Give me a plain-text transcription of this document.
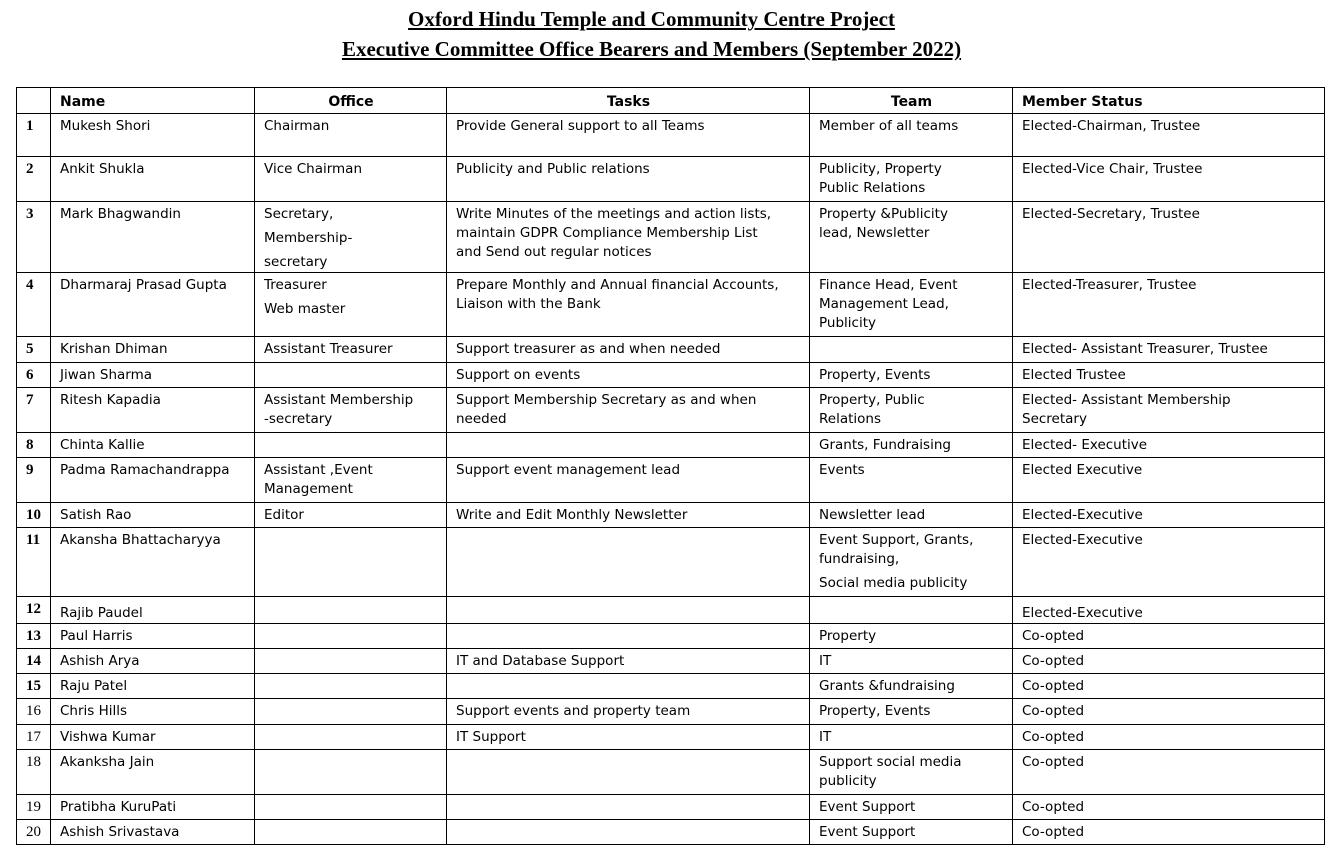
Oxford Hindu Temple and Community Centre Project
Executive Committee Office Bearers and Members (September 2022)
	Name	Office	Tasks	Team	Member Status
1	Mukesh Shori	Chairman	Provide General support to all Teams	Member of all teams	Elected-Chairman, Trustee

2	Ankit Shukla	Vice Chairman	Publicity and Public relations	Publicity, Property
Public Relations	Elected-Vice Chair, Trustee

3	Mark Bhagwandin	Secretary,
Membership-
secretary	Write Minutes of the meetings and action lists,
maintain GDPR Compliance Membership List
and Send out regular notices	Property &Publicity
lead, Newsletter	Elected-Secretary, Trustee

4	Dharmaraj Prasad Gupta	Treasurer
Web master	Prepare Monthly and Annual financial Accounts,
Liaison with the Bank	Finance Head, Event
Management Lead,
Publicity	Elected-Treasurer, Trustee

5	Krishan Dhiman	Assistant Treasurer	Support treasurer as and when needed		Elected- Assistant Treasurer, Trustee

6	Jiwan Sharma		Support on events	Property, Events	Elected Trustee

7	Ritesh Kapadia	Assistant Membership
-secretary	Support Membership Secretary as and when
needed	Property, Public
Relations	Elected- Assistant Membership
Secretary

8	Chinta Kallie			Grants, Fundraising	Elected- Executive

9	Padma Ramachandrappa	Assistant ,Event
Management	Support event management lead	Events	Elected Executive

10	Satish Rao	Editor	Write and Edit Monthly Newsletter	Newsletter lead	Elected-Executive

11	Akansha Bhattacharyya			Event Support, Grants,
fundraising,
Social media publicity	Elected-Executive

12	Rajib Paudel				Elected-Executive

13	Paul Harris			Property	Co-opted

14	Ashish Arya		IT and Database Support	IT	Co-opted

15	Raju Patel			Grants &fundraising	Co-opted

16	Chris Hills		Support events and property team	Property, Events	Co-opted

17	Vishwa Kumar		IT Support	IT	Co-opted

18	Akanksha Jain			Support social media
publicity	Co-opted

19	Pratibha KuruPati			Event Support	Co-opted

20	Ashish Srivastava			Event Support	Co-opted
